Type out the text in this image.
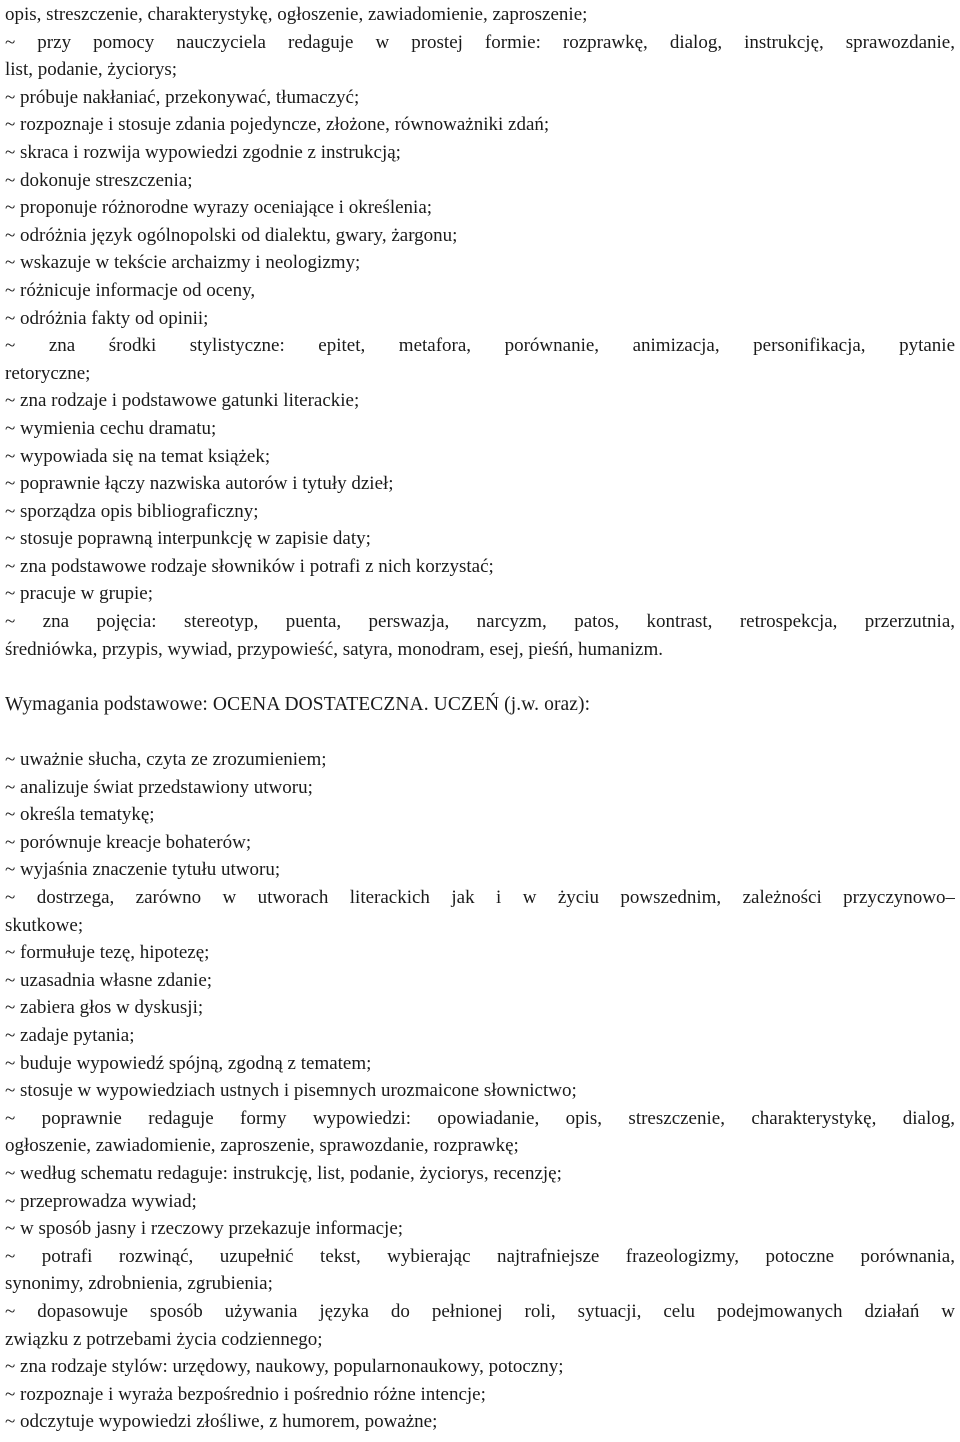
opis, streszczenie, charakterystykę, ogłoszenie, zawiadomienie, zaproszenie;
~ przy pomocy nauczyciela redaguje w prostej formie: rozprawkę, dialog, instrukcję, sprawozdanie,
list, podanie, życiorys;
~ próbuje nakłaniać, przekonywać, tłumaczyć;
~ rozpoznaje i stosuje zdania pojedyncze, złożone, równoważniki zdań;
~ skraca i rozwija wypowiedzi zgodnie z instrukcją;
~ dokonuje streszczenia;
~ proponuje różnorodne wyrazy oceniające i określenia;
~ odróżnia język ogólnopolski od dialektu, gwary, żargonu;
~ wskazuje w tekście archaizmy i neologizmy;
~ różnicuje informacje od oceny,
~ odróżnia fakty od opinii;
~ zna środki stylistyczne: epitet, metafora, porównanie, animizacja, personifikacja, pytanie
retoryczne;
~ zna rodzaje i podstawowe gatunki literackie;
~ wymienia cechu dramatu;
~ wypowiada się na temat książek;
~ poprawnie łączy nazwiska autorów i tytuły dzieł;
~ sporządza opis bibliograficzny;
~ stosuje poprawną interpunkcję w zapisie daty;
~ zna podstawowe rodzaje słowników i potrafi z nich korzystać;
~ pracuje w grupie;
~ zna pojęcia: stereotyp, puenta, perswazja, narcyzm, patos, kontrast, retrospekcja, przerzutnia,
średniówka, przypis, wywiad, przypowieść, satyra, monodram, esej, pieśń, humanizm.
Wymagania podstawowe: OCENA DOSTATECZNA. UCZEŃ (j.w. oraz):
~ uważnie słucha, czyta ze zrozumieniem;
~ analizuje świat przedstawiony utworu;
~ określa tematykę;
~ porównuje kreacje bohaterów;
~ wyjaśnia znaczenie tytułu utworu;
~ dostrzega, zarówno w utworach literackich jak i w życiu powszednim, zależności przyczynowo–
skutkowe;
~ formułuje tezę, hipotezę;
~ uzasadnia własne zdanie;
~ zabiera głos w dyskusji;
~ zadaje pytania;
~ buduje wypowiedź spójną, zgodną z tematem;
~ stosuje w wypowiedziach ustnych i pisemnych urozmaicone słownictwo;
~ poprawnie redaguje formy wypowiedzi: opowiadanie, opis, streszczenie, charakterystykę, dialog,
ogłoszenie, zawiadomienie, zaproszenie, sprawozdanie, rozprawkę;
~ według schematu redaguje: instrukcję, list, podanie, życiorys, recenzję;
~ przeprowadza wywiad;
~ w sposób jasny i rzeczowy przekazuje informacje;
~ potrafi rozwinąć, uzupełnić tekst, wybierając najtrafniejsze frazeologizmy, potoczne porównania,
synonimy, zdrobnienia, zgrubienia;
~ dopasowuje sposób używania języka do pełnionej roli, sytuacji, celu podejmowanych działań w
związku z potrzebami życia codziennego;
~ zna rodzaje stylów: urzędowy, naukowy, popularnonaukowy, potoczny;
~ rozpoznaje i wyraża bezpośrednio i pośrednio różne intencje;
~ odczytuje wypowiedzi złośliwe, z humorem, poważne;
